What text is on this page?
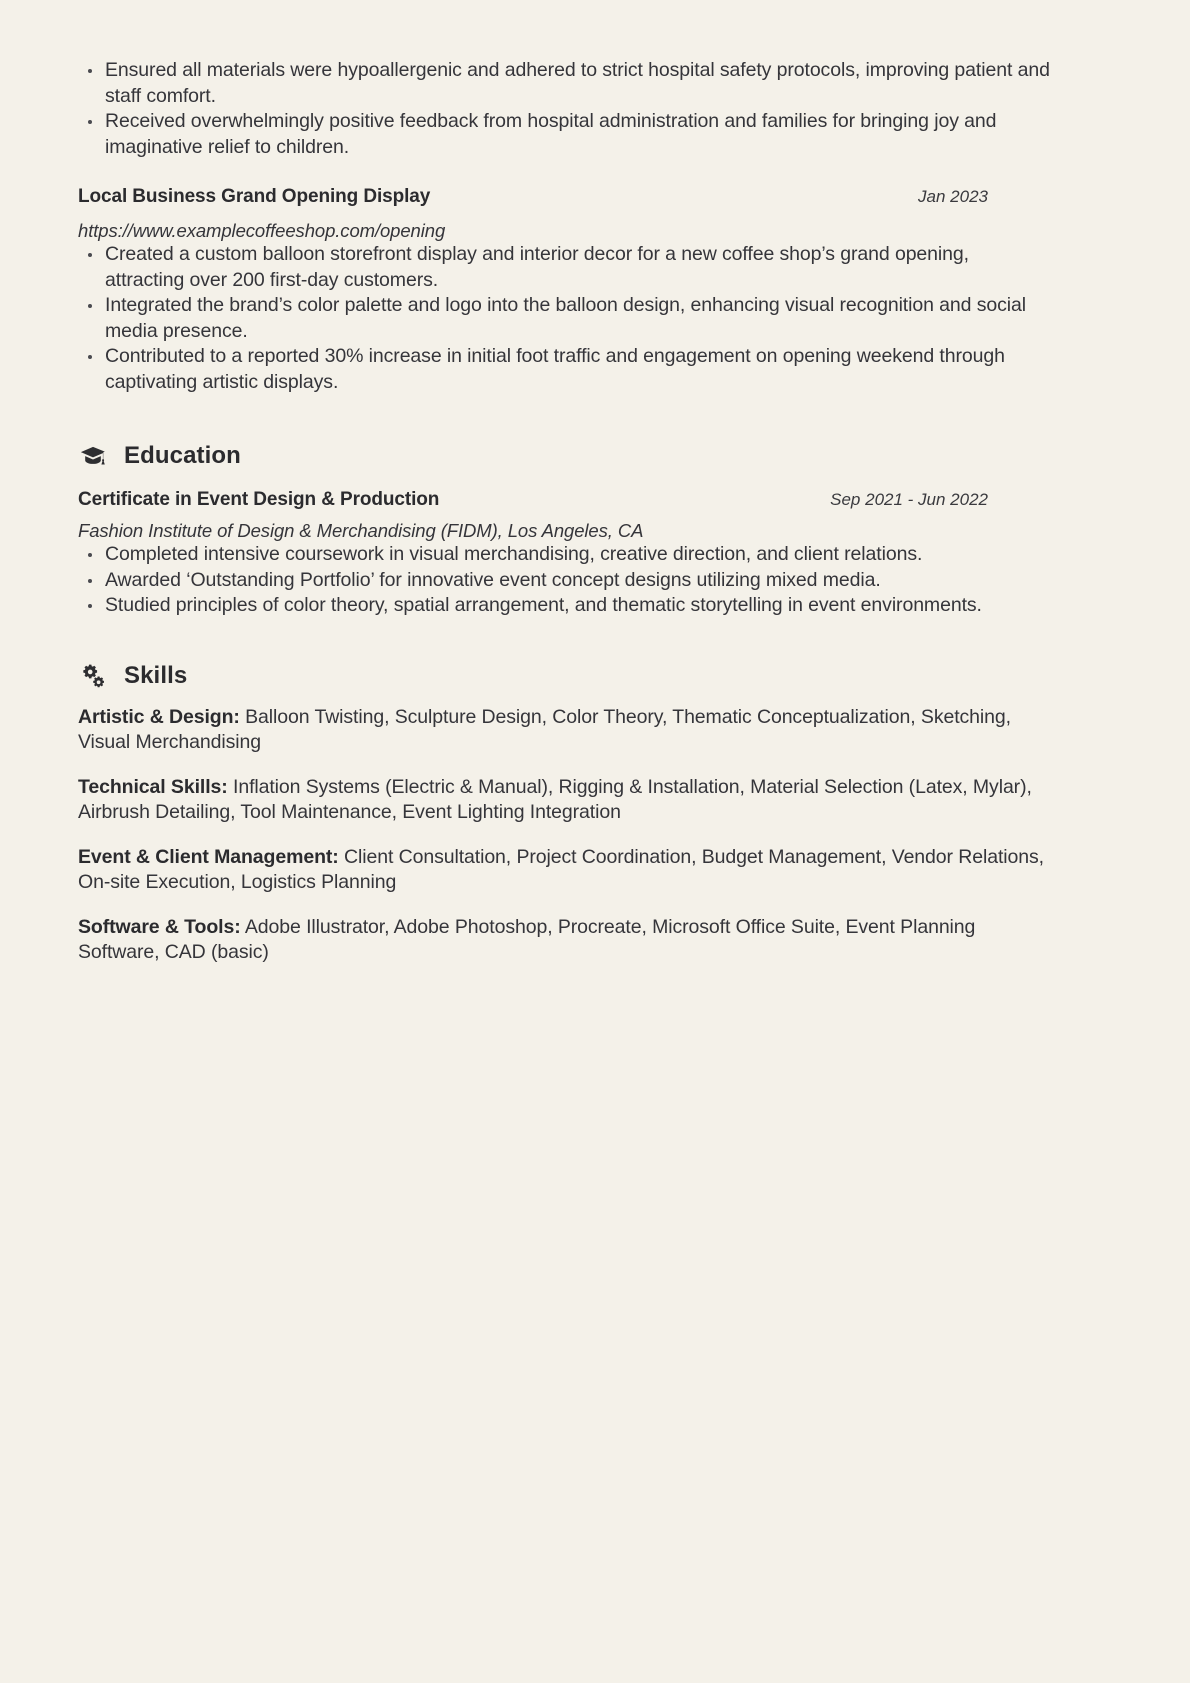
Ensured all materials were hypoallergenic and adhered to strict hospital safety protocols, improving patient and staff comfort.
Received overwhelmingly positive feedback from hospital administration and families for bringing joy and imaginative relief to children.
Local Business Grand Opening Display	Jan 2023
https://www.examplecoffeeshop.com/opening
Created a custom balloon storefront display and interior decor for a new coffee shop’s grand opening, attracting over 200 first-day customers.
Integrated the brand’s color palette and logo into the balloon design, enhancing visual recognition and social media presence.
Contributed to a reported 30% increase in initial foot traffic and engagement on opening weekend through captivating artistic displays.
Education
Certificate in Event Design & Production	Sep 2021 - Jun 2022
Fashion Institute of Design & Merchandising (FIDM), Los Angeles, CA
Completed intensive coursework in visual merchandising, creative direction, and client relations.
Awarded ‘Outstanding Portfolio’ for innovative event concept designs utilizing mixed media.
Studied principles of color theory, spatial arrangement, and thematic storytelling in event environments.
Skills
Artistic & Design: Balloon Twisting, Sculpture Design, Color Theory, Thematic Conceptualization, Sketching, Visual Merchandising
Technical Skills: Inflation Systems (Electric & Manual), Rigging & Installation, Material Selection (Latex, Mylar), Airbrush Detailing, Tool Maintenance, Event Lighting Integration
Event & Client Management: Client Consultation, Project Coordination, Budget Management, Vendor Relations, On-site Execution, Logistics Planning
Software & Tools: Adobe Illustrator, Adobe Photoshop, Procreate, Microsoft Office Suite, Event Planning Software, CAD (basic)
